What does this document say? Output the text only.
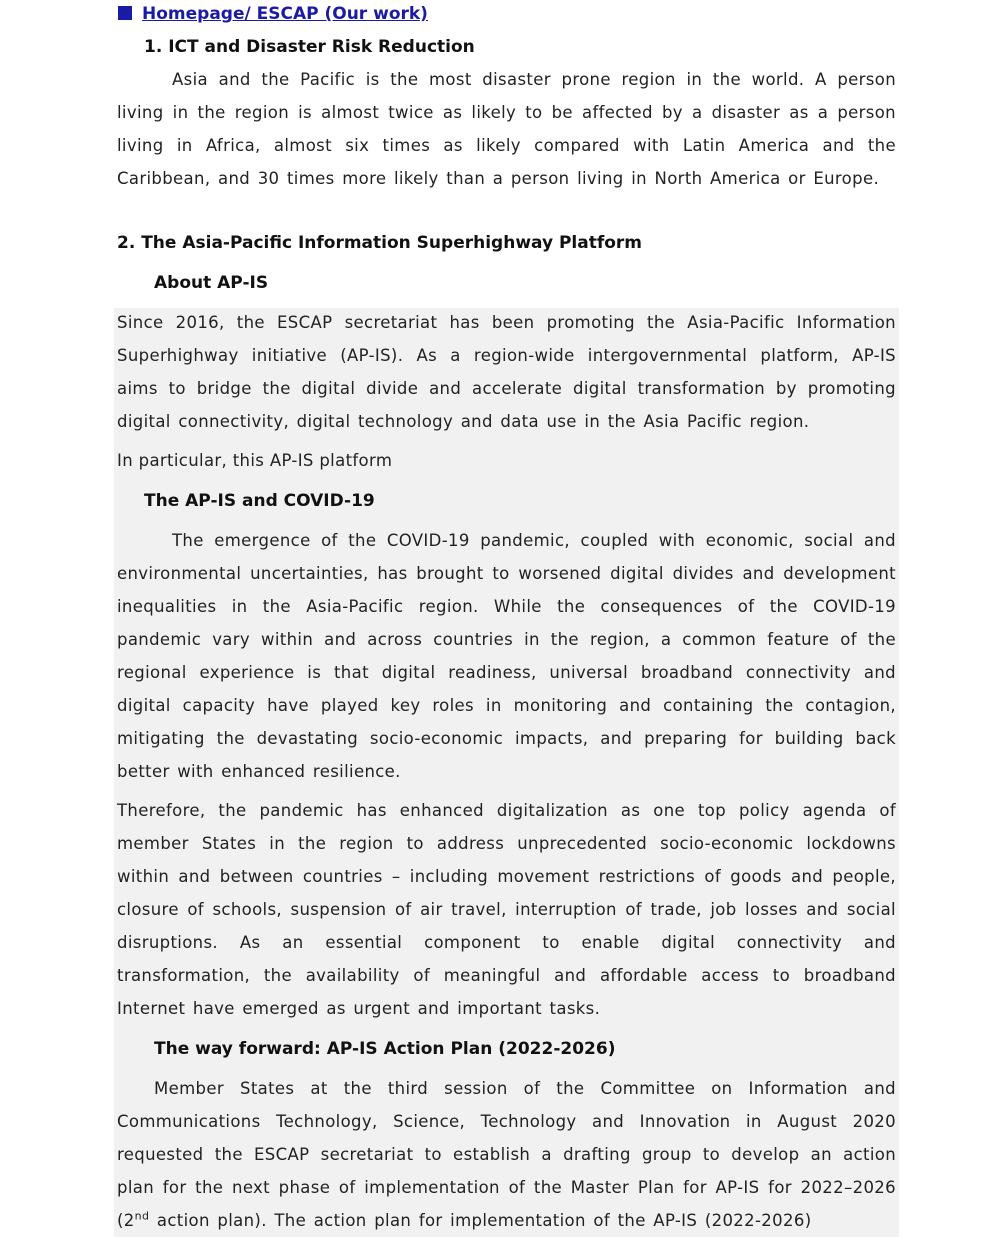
Homepage/ ESCAP (Our work)
1. ICT and Disaster Risk Reduction

Asia and the Pacific is the most disaster prone region in the world. A person living in the region is almost twice as likely to be affected by a disaster as a person living in Africa, almost six times as likely compared with Latin America and the Caribbean, and 30 times more likely than a person living in North America or Europe.

2. The Asia-Pacific Information Superhighway Platform
About AP-IS

Since 2016, the ESCAP secretariat has been promoting the Asia-Pacific Information Superhighway initiative (AP-IS). As a region-wide intergovernmental platform, AP-IS aims to bridge the digital divide and accelerate digital transformation by promoting digital connectivity, digital technology and data use in the Asia Pacific region.

In particular, this AP-IS platform
The AP-IS and COVID-19

The emergence of the COVID-19 pandemic, coupled with economic, social and environmental uncertainties, has brought to worsened digital divides and development inequalities in the Asia-Pacific region. While the consequences of the COVID-19 pandemic vary within and across countries in the region, a common feature of the regional experience is that digital readiness, universal broadband connectivity and digital capacity have played key roles in monitoring and containing the contagion, mitigating the devastating socio-economic impacts, and preparing for building back better with enhanced resilience.

Therefore, the pandemic has enhanced digitalization as one top policy agenda of member States in the region to address unprecedented socio-economic lockdowns within and between countries – including movement restrictions of goods and people, closure of schools, suspension of air travel, interruption of trade, job losses and social disruptions. As an essential component to enable digital connectivity and transformation, the availability of meaningful and affordable access to broadband Internet have emerged as urgent and important tasks.

The way forward: AP-IS Action Plan (2022-2026)

Member States at the third session of the Committee on Information and Communications Technology, Science, Technology and Innovation in August 2020 requested the ESCAP secretariat to establish a drafting group to develop an action plan for the next phase of implementation of the Master Plan for AP-IS for 2022–2026 (2nd action plan). The action plan for implementation of the AP-IS (2022-2026)
